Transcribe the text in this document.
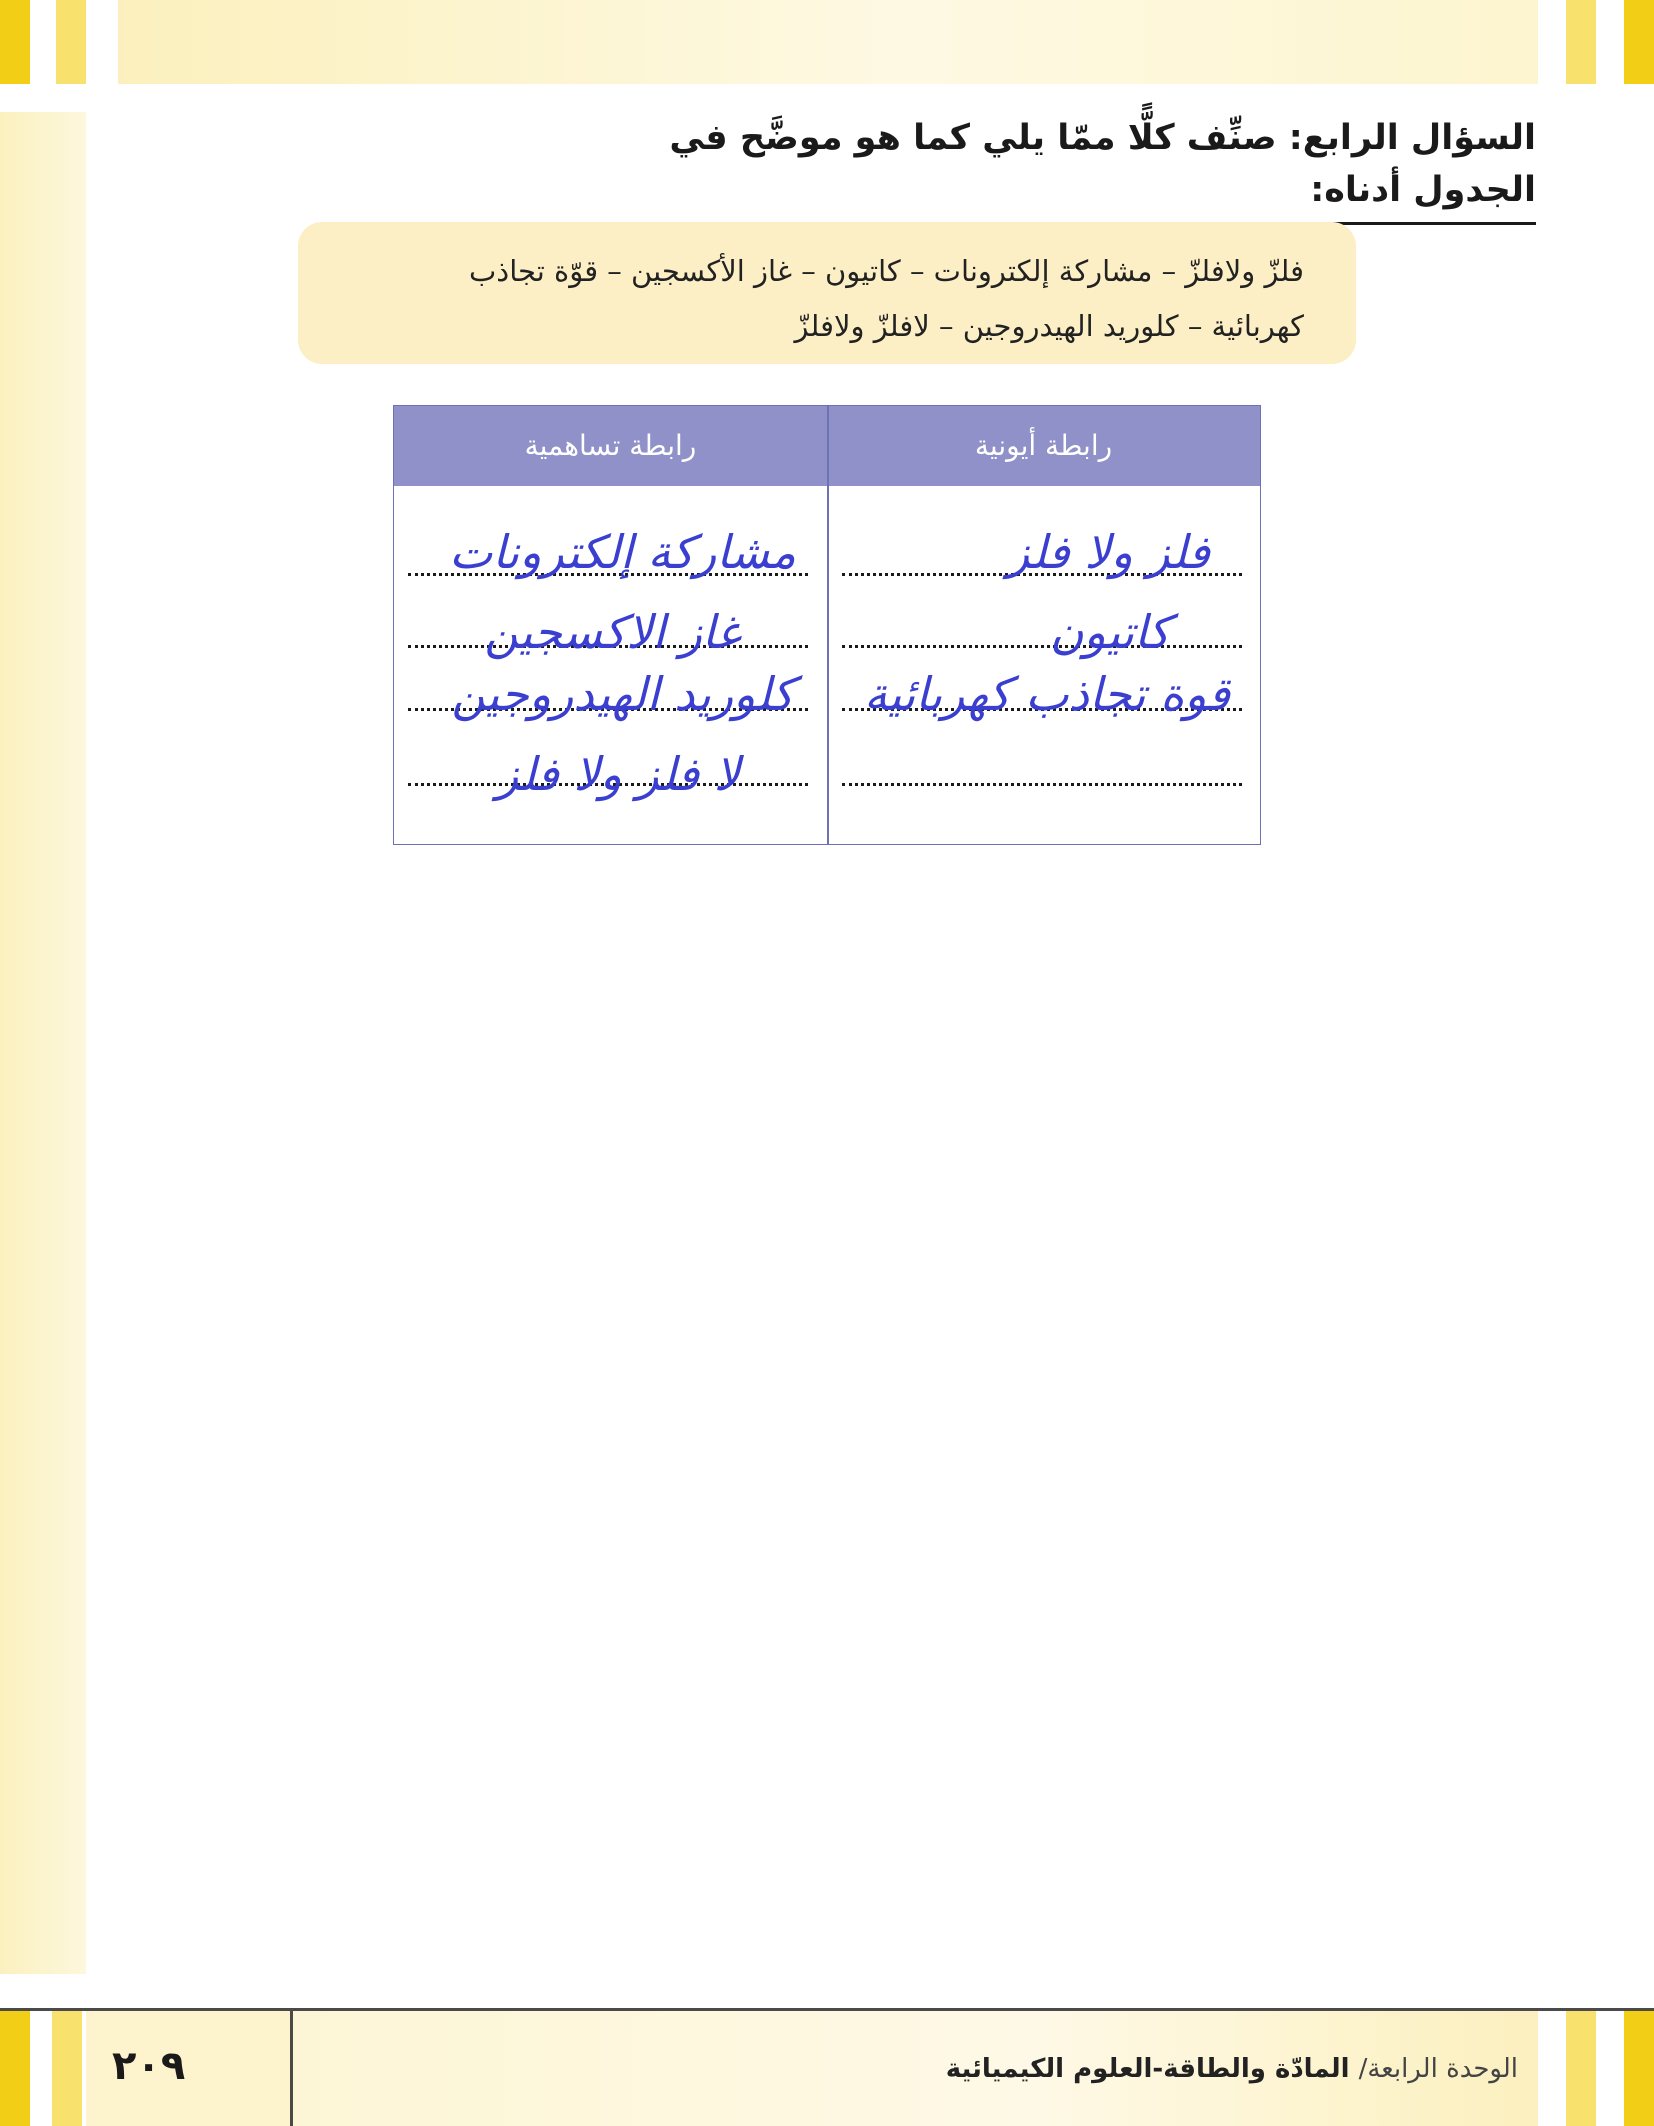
السؤال الرابع: صنِّف كلًّا ممّا يلي كما هو موضَّح في الجدول أدناه:
فلزّ ولافلزّ – مشاركة إلكترونات – كاتيون – غاز الأكسجين – قوّة تجاذب
كهربائية – كلوريد الهيدروجين – لافلزّ ولافلزّ
رابطة أيونية
رابطة تساهمية
فلز ولا فلز
كاتيون
قوة تجاذب كهربائية
مشاركة إلكترونات
غاز الاكسجين
كلوريد الهيدروجين
لا فلز ولا فلز
٢٠٩	الوحدة الرابعة/ المادّة والطاقة-العلوم الكيميائية
